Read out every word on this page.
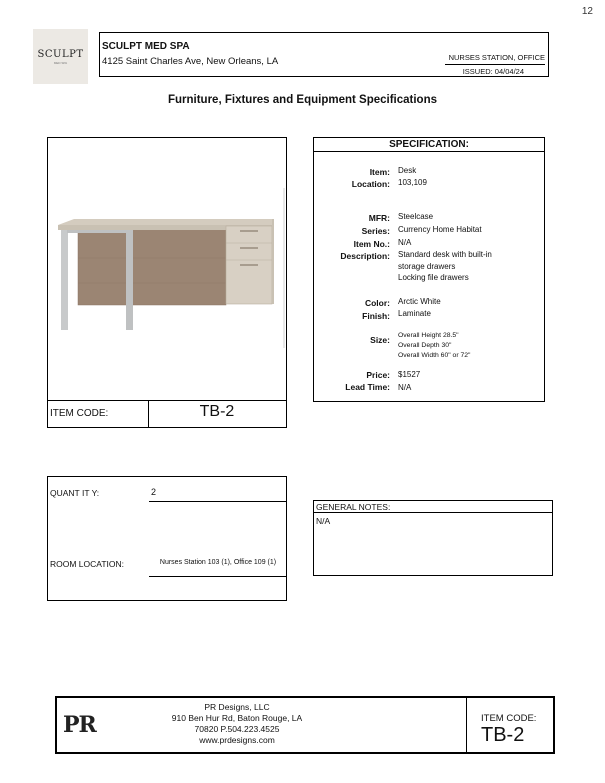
12
SCULPT
MED SPA
SCULPT MED SPA
4125 Saint Charles Ave, New Orleans, LA	NURSES STATION, OFFICE
ISSUED: 04/04/24
Furniture, Fixtures and Equipment Specifications
ITEM CODE:	TB-2
SPECIFICATION:
Item: Desk
Location: 103,109
MFR: Steelcase
Series: Currency Home Habitat
Item No.: N/A
Description: Standard desk with built-in
storage drawers
Locking file drawers
Color: Arctic White
Finish: Laminate
Size: Overall Height 28.5"
Overall Depth 30"
Overall Width 60" or 72"
Price: $1527
Lead Time: N/A
QUANT IT Y:	2
ROOM LOCATION:	Nurses Station 103 (1), Office 109 (1)
GENERAL NOTES:
N/A
PR
PR Designs, LLC
910 Ben Hur Rd, Baton Rouge, LA
70820 P.504.223.4525
www.prdesigns.com
ITEM CODE:
TB-2
